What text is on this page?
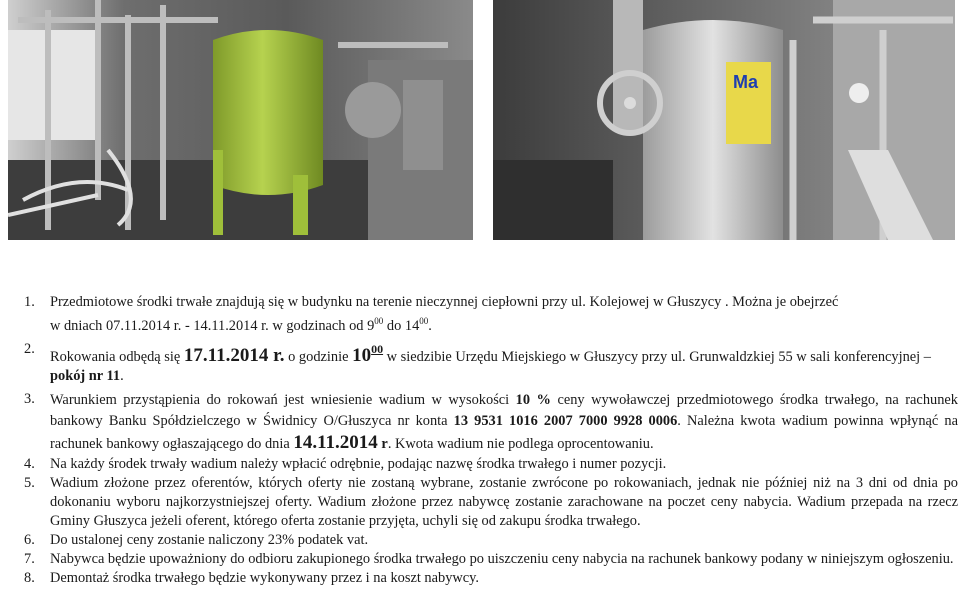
Ma
1. Przedmiotowe środki trwałe znajdują się w budynku na terenie nieczynnej ciepłowni przy ul. Kolejowej w Głuszycy . Można je obejrzeć
w dniach 07.11.2014 r. - 14.11.2014 r. w godzinach od $9^{00}$ do $14^{00}$.

2. Rokowania odbędą się 17.11.2014 r. o godzinie $10^{00}$ w siedzibie Urzędu Miejskiego w Głuszycy przy ul. Grunwaldzkiej 55 w sali konferencyjnej – pokój nr 11.

3. Warunkiem przystąpienia do rokowań jest wniesienie wadium w wysokości 10 % ceny wywoławczej przedmiotowego środka trwałego, na rachunek bankowy Banku Spółdzielczego w Świdnicy O/Głuszyca nr konta 13 9531 1016 2007 7000 9928 0006. Należna kwota wadium powinna wpłynąć na rachunek bankowy ogłaszającego do dnia 14.11.2014 r. Kwota wadium nie podlega oprocentowaniu.

4. Na każdy środek trwały wadium należy wpłacić odrębnie, podając nazwę środka trwałego i numer pozycji.

5. Wadium złożone przez oferentów, których oferty nie zostaną wybrane, zostanie zwrócone po rokowaniach, jednak nie później niż na 3 dni od dnia po dokonaniu wyboru najkorzystniejszej oferty. Wadium złożone przez nabywcę zostanie zarachowane na poczet ceny nabycia. Wadium przepada na rzecz Gminy Głuszyca jeżeli oferent, którego oferta zostanie przyjęta, uchyli się od zakupu środka trwałego.

6. Do ustalonej ceny zostanie naliczony 23% podatek vat.

7. Nabywca będzie upoważniony do odbioru zakupionego środka trwałego po uiszczeniu ceny nabycia na rachunek bankowy podany w niniejszym ogłoszeniu.

8. Demontaż środka trwałego będzie wykonywany przez i na koszt nabywcy.
